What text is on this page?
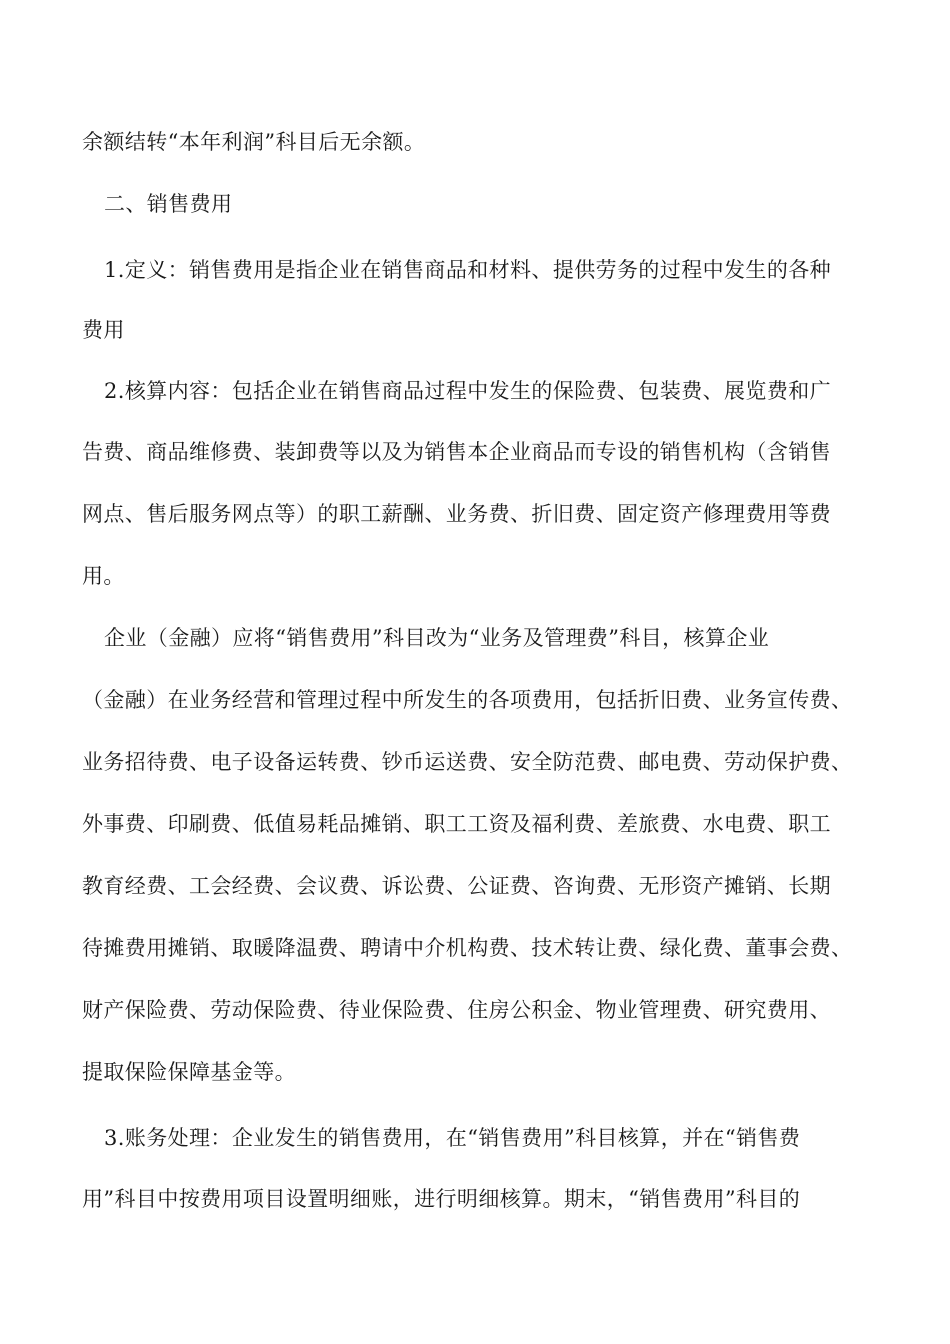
余额结转“本年利润”科目后无余额。
二、销售费用
1.定义：销售费用是指企业在销售商品和材料、提供劳务的过程中发生的各种
费用
2.核算内容：包括企业在销售商品过程中发生的保险费、包装费、展览费和广
告费、商品维修费、装卸费等以及为销售本企业商品而专设的销售机构（含销售
网点、售后服务网点等）的职工薪酬、业务费、折旧费、固定资产修理费用等费
用。
企业（金融）应将“销售费用”科目改为“业务及管理费”科目，核算企业
（金融）在业务经营和管理过程中所发生的各项费用，包括折旧费、业务宣传费、
业务招待费、电子设备运转费、钞币运送费、安全防范费、邮电费、劳动保护费、
外事费、印刷费、低值易耗品摊销、职工工资及福利费、差旅费、水电费、职工
教育经费、工会经费、会议费、诉讼费、公证费、咨询费、无形资产摊销、长期
待摊费用摊销、取暖降温费、聘请中介机构费、技术转让费、绿化费、董事会费、
财产保险费、劳动保险费、待业保险费、住房公积金、物业管理费、研究费用、
提取保险保障基金等。
3.账务处理：企业发生的销售费用，在“销售费用”科目核算，并在“销售费
用”科目中按费用项目设置明细账，进行明细核算。期末，“销售费用”科目的
